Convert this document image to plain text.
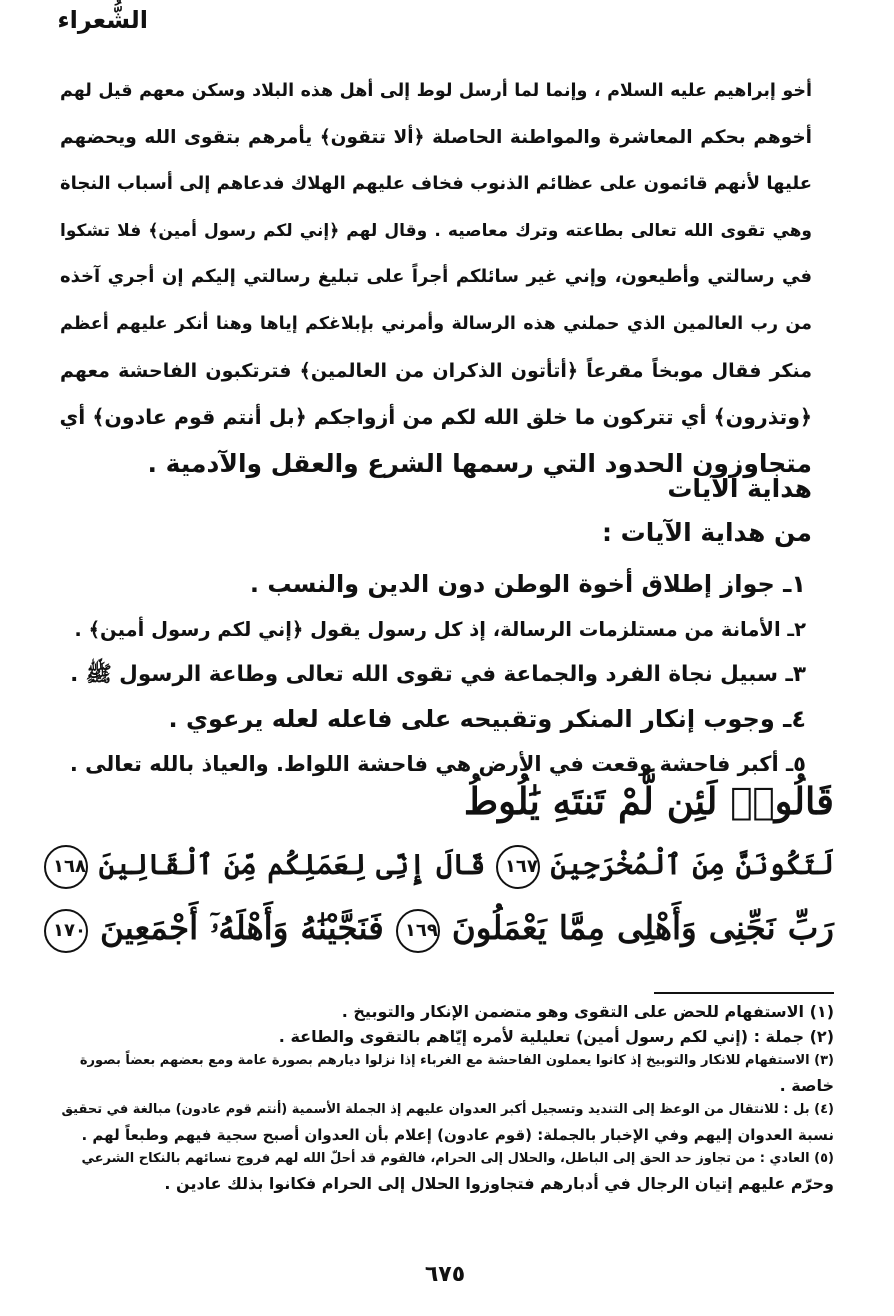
الشُّعراء
أخو إبراهيم عليه السلام ، وإنما لما أرسل لوط إلى أهل هذه البلاد وسكن معهم قيل لهم
أخوهم بحكم المعاشرة والمواطنة الحاصلة ﴿ألا تتقون﴾ يأمرهم بتقوى الله ويحضهم
عليها لأنهم قائمون على عظائم الذنوب فخاف عليهم الهلاك فدعاهم إلى أسباب النجاة
وهي تقوى الله تعالى بطاعته وترك معاصيه . وقال لهم ﴿إني لكم رسول أمين﴾ فلا تشكوا
في رسالتي وأطيعون، وإني غير سائلكم أجراً على تبليغ رسالتي إليكم إن أجري آخذه
من رب العالمين الذي حملني هذه الرسالة وأمرني بإبلاغكم إياها وهنا أنكر عليهم أعظم
منكر فقال موبخاً مقرعاً ﴿أتأتون الذكران من العالمين﴾ فترتكبون الفاحشة معهم
﴿وتذرون﴾ أي تتركون ما خلق الله لكم من أزواجكم ﴿بل أنتم قوم عادون﴾ أي
متجاوزون الحدود التي رسمها الشرع والعقل والآدمية .
هداية الآيات
من هداية الآيات :
١ـ جواز إطلاق أخوة الوطن دون الدين والنسب .
٢ـ الأمانة من مستلزمات الرسالة، إذ كل رسول يقول ﴿إني لكم رسول أمين﴾ .
٣ـ سبيل نجاة الفرد والجماعة في تقوى الله تعالى وطاعة الرسول ﷺ .
٤ـ وجوب إنكار المنكر وتقبيحه على فاعله لعله يرعوي .
٥ـ أكبر فاحشة وقعت في الأرض هي فاحشة اللواط. والعياذ بالله تعالى .
قَالُوا۟ لَئِن لَّمْ تَنتَهِ يَٰلُوطُ
لَتَكُونَنَّ مِنَ ٱلْمُخْرَجِينَ ١٦٧ قَالَ إِنِّى لِعَمَلِكُم مِّنَ ٱلْقَالِينَ ١٦٨
رَبِّ نَجِّنِى وَأَهْلِى مِمَّا يَعْمَلُونَ ١٦٩ فَنَجَّيْنَٰهُ وَأَهْلَهُۥٓ أَجْمَعِينَ ١٧٠
(١) الاستفهام للحض على التقوى وهو متضمن الإنكار والتوبيخ .
(٢) جملة : (إني لكم رسول أمين) تعليلية لأمره إيّاهم بالتقوى والطاعة .
(٣) الاستفهام للانكار والتوبيخ إذ كانوا يعملون الفاحشة مع الغرباء إذا نزلوا ديارهم بصورة عامة ومع بعضهم بعضاً بصورة
خاصة .
(٤) بل : للانتقال من الوعظ إلى التنديد وتسجيل أكبر العدوان عليهم إذ الجملة الأسمية (أنتم قوم عادون) مبالغة في تحقيق
نسبة العدوان إليهم وفي الإخبار بالجملة: (قوم عادون) إعلام بأن العدوان أصبح سجية فيهم وطبعاً لهم .
(٥) العادي : من تجاوز حد الحق إلى الباطل، والحلال إلى الحرام، فالقوم قد أحلّ الله لهم فروج نسائهم بالنكاح الشرعي
وحرّم عليهم إتيان الرجال في أدبارهم فتجاوزوا الحلال إلى الحرام فكانوا بذلك عادين .
٦٧٥
